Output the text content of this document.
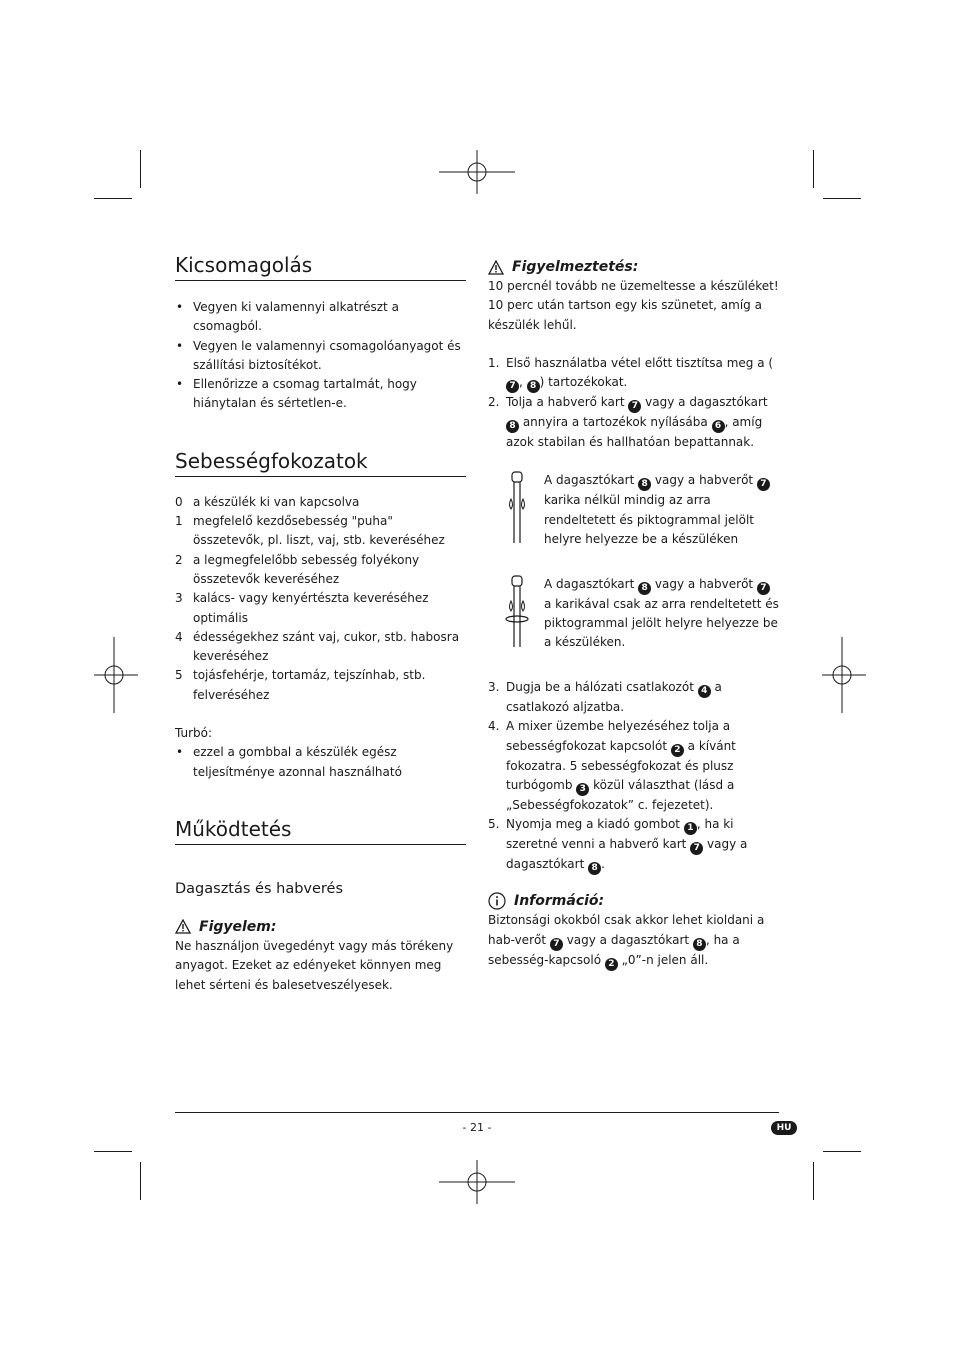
Kicsomagolás
• Vegyen ki valamennyi alkatrészt a csomagból.
• Vegyen le valamennyi csomagolóanyagot és szállítási biztosítékot.
• Ellenőrizze a csomag tartalmát, hogy hiánytalan és sértetlen-e.
Sebességfokozatok
0 a készülék ki van kapcsolva
1 megfelelő kezdősebesség "puha" összetevők, pl. liszt, vaj, stb. keveréséhez
2 a legmegfelelőbb sebesség folyékony összetevők keveréséhez
3 kalács- vagy kenyértészta keveréséhez optimális
4 édességekhez szánt vaj, cukor, stb. habosra keveréséhez
5 tojásfehérje, tortamáz, tejszínhab, stb. felveréséhez
Turbó:
• ezzel a gombbal a készülék egész teljesítménye azonnal használható
Működtetés
Dagasztás és habverés
Figyelem:
Ne használjon üvegedényt vagy más törékeny anyagot. Ezeket az edényeket könnyen meg lehet sérteni és balesetveszélyesek.
Figyelmeztetés:
10 percnél tovább ne üzemeltesse a készüléket!
10 perc után tartson egy kis szünetet, amíg a készülék lehűl.
1. Első használatba vétel előtt tisztítsa meg a (7 , 8 ) tartozékokat.
2. Tolja a habverő kart 7 vagy a dagasztókart 8 annyira a tartozékok nyílásába 6 , amíg azok stabilan és hallhatóan bepattannak.
A dagasztókart 8 vagy a habverőt 7 karika nélkül mindig az arra rendeltetett és piktogrammal jelölt helyre helyezze be a készüléken
A dagasztókart 8 vagy a habverőt 7 a karikával csak az arra rendeltetett és piktogrammal jelölt helyre helyezze be a készüléken.
3. Dugja be a hálózati csatlakozót 4 a csatlakozó aljzatba.
4. A mixer üzembe helyezéséhez tolja a sebességfokozat kapcsolót 2 a kívánt fokozatra. 5 sebességfokozat és plusz turbógomb 3 közül választhat (lásd a „Sebességfokozatok” c. fejezetet).
5. Nyomja meg a kiadó gombot 1 , ha ki szeretné venni a habverő kart 7 vagy a dagasztókart 8 .
Információ:
Biztonsági okokból csak akkor lehet kioldani a hab-verőt 7 vagy a dagasztókart 8 , ha a sebesség-kapcsoló 2 „0”-n jelen áll.
- 21 -	HU
